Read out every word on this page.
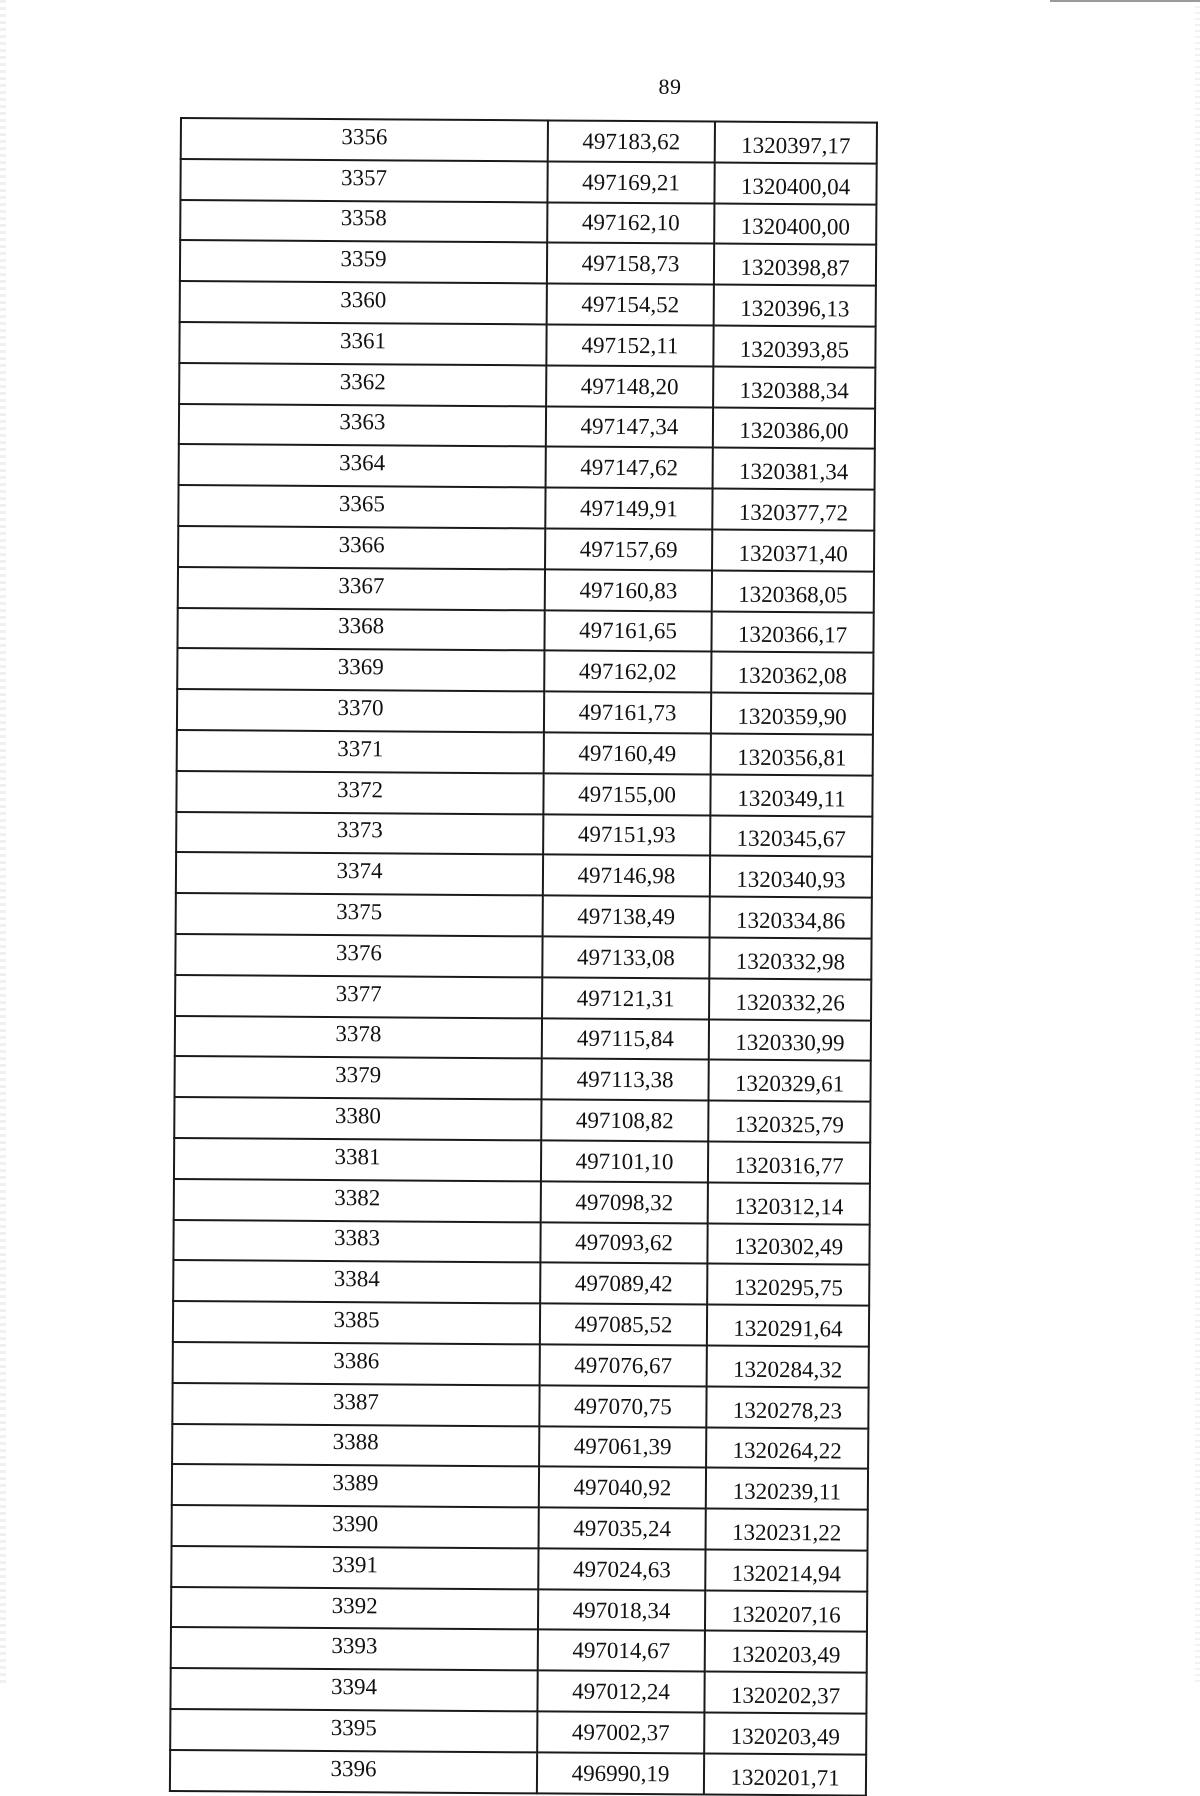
89
3356	497183,62	1320397,17
3357	497169,21	1320400,04
3358	497162,10	1320400,00
3359	497158,73	1320398,87
3360	497154,52	1320396,13
3361	497152,11	1320393,85
3362	497148,20	1320388,34
3363	497147,34	1320386,00
3364	497147,62	1320381,34
3365	497149,91	1320377,72
3366	497157,69	1320371,40
3367	497160,83	1320368,05
3368	497161,65	1320366,17
3369	497162,02	1320362,08
3370	497161,73	1320359,90
3371	497160,49	1320356,81
3372	497155,00	1320349,11
3373	497151,93	1320345,67
3374	497146,98	1320340,93
3375	497138,49	1320334,86
3376	497133,08	1320332,98
3377	497121,31	1320332,26
3378	497115,84	1320330,99
3379	497113,38	1320329,61
3380	497108,82	1320325,79
3381	497101,10	1320316,77
3382	497098,32	1320312,14
3383	497093,62	1320302,49
3384	497089,42	1320295,75
3385	497085,52	1320291,64
3386	497076,67	1320284,32
3387	497070,75	1320278,23
3388	497061,39	1320264,22
3389	497040,92	1320239,11
3390	497035,24	1320231,22
3391	497024,63	1320214,94
3392	497018,34	1320207,16
3393	497014,67	1320203,49
3394	497012,24	1320202,37
3395	497002,37	1320203,49
3396	496990,19	1320201,71
